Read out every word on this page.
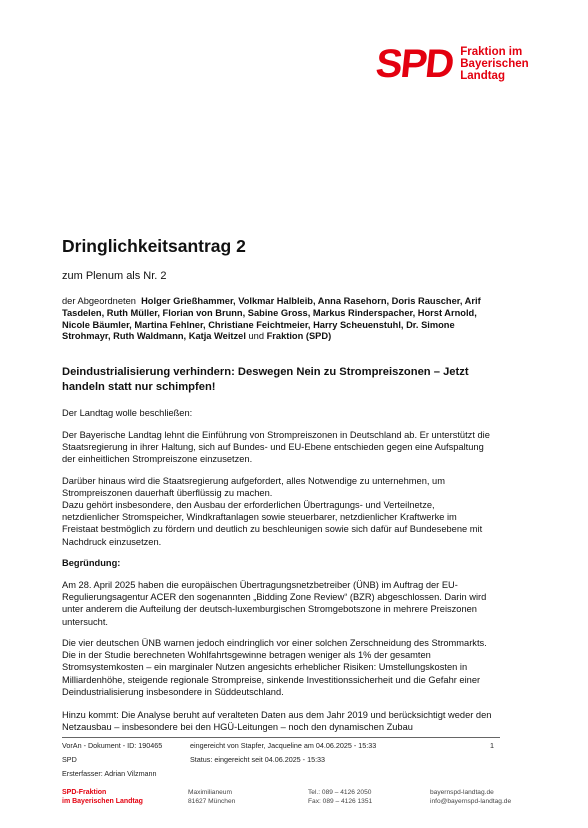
SPD Fraktion im
Bayerischen
Landtag
Dringlichkeitsantrag 2
zum Plenum als Nr. 2

der Abgeordneten Holger Grießhammer, Volkmar Halbleib, Anna Rasehorn, Doris Rauscher, Arif Tasdelen, Ruth Müller, Florian von Brunn, Sabine Gross, Markus Rinderspacher, Horst Arnold, Nicole Bäumler, Martina Fehlner, Christiane Feichtmeier, Harry Scheuenstuhl, Dr. Simone Strohmayr, Ruth Waldmann, Katja Weitzel und Fraktion (SPD)

Deindustrialisierung verhindern: Deswegen Nein zu Strompreiszonen – Jetzt handeln statt nur schimpfen!

Der Landtag wolle beschließen:

Der Bayerische Landtag lehnt die Einführung von Strompreiszonen in Deutschland ab. Er unterstützt die Staatsregierung in ihrer Haltung, sich auf Bundes- und EU-Ebene entschieden gegen eine Aufspaltung der einheitlichen Strompreiszone einzusetzen.

Darüber hinaus wird die Staatsregierung aufgefordert, alles Notwendige zu unternehmen, um Strompreiszonen dauerhaft überflüssig zu machen.

Dazu gehört insbesondere, den Ausbau der erforderlichen Übertragungs- und Verteilnetze, netzdienlicher Stromspeicher, Windkraftanlagen sowie steuerbarer, netzdienlicher Kraftwerke im Freistaat bestmöglich zu fördern und deutlich zu beschleunigen sowie sich dafür auf Bundesebene mit Nachdruck einzusetzen.

Begründung:

Am 28. April 2025 haben die europäischen Übertragungsnetzbetreiber (ÜNB) im Auftrag der EU-Regulierungsagentur ACER den sogenannten „Bidding Zone Review“ (BZR) abgeschlossen. Darin wird unter anderem die Aufteilung der deutsch-luxemburgischen Stromgebotszone in mehrere Preiszonen untersucht.

Die vier deutschen ÜNB warnen jedoch eindringlich vor einer solchen Zerschneidung des Strommarkts. Die in der Studie berechneten Wohlfahrtsgewinne betragen weniger als 1% der gesamten Stromsystemkosten – ein marginaler Nutzen angesichts erheblicher Risiken: Umstellungskosten in Milliardenhöhe, steigende regionale Strompreise, sinkende Investitionssicherheit und die Gefahr einer Deindustrialisierung insbesondere in Süddeutschland.

Hinzu kommt: Die Analyse beruht auf veralteten Daten aus dem Jahr 2019 und berücksichtigt weder den Netzausbau – insbesondere bei den HGÜ-Leitungen – noch den dynamischen Zubau

VorAn - Dokument - ID: 190465	eingereicht von Stapfer, Jacqueline am 04.06.2025 - 15:33	1
SPD	Status: eingereicht seit 04.06.2025 - 15:33
Ersterfasser: Adrian Vilzmann
SPD-Fraktion
im Bayerischen Landtag
Maximilianeum
81627 München
Tel.: 089 – 4126 2050
Fax: 089 – 4126 1351
bayernspd-landtag.de
info@bayernspd-landtag.de
